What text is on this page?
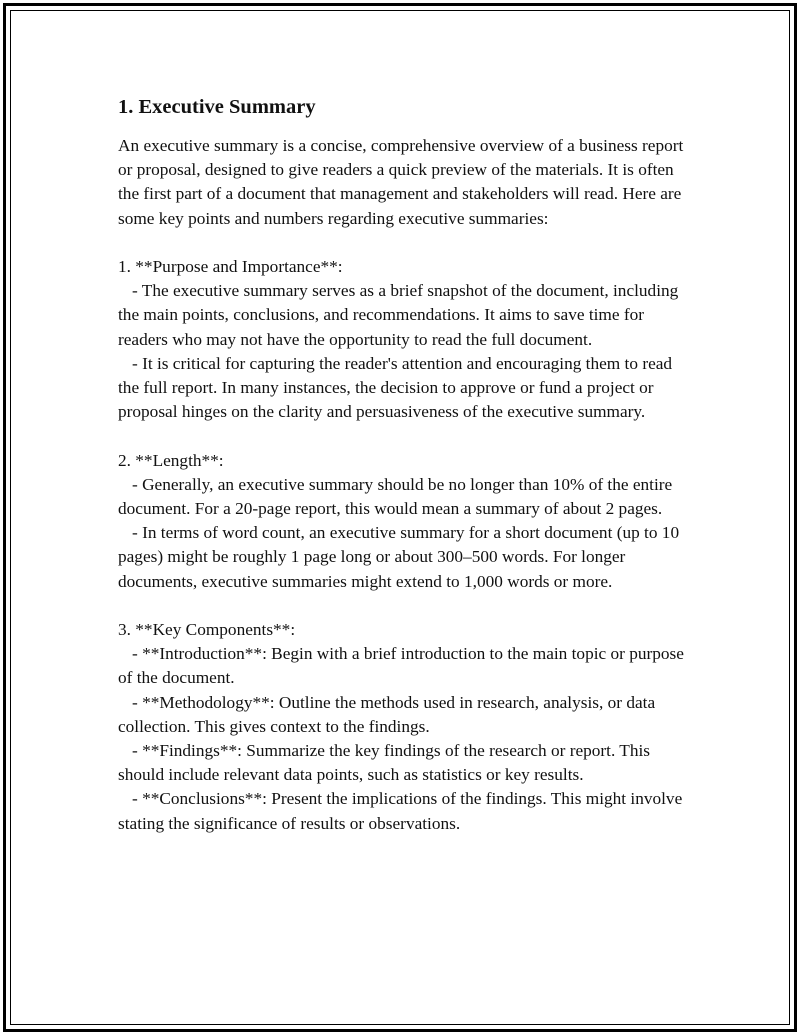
1. Executive Summary

An executive summary is a concise, comprehensive overview of a business report or proposal, designed to give readers a quick preview of the materials. It is often the first part of a document that management and stakeholders will read. Here are some key points and numbers regarding executive summaries:

1. **Purpose and Importance**:

- The executive summary serves as a brief snapshot of the document, including the main points, conclusions, and recommendations. It aims to save time for readers who may not have the opportunity to read the full document.

- It is critical for capturing the reader's attention and encouraging them to read the full report. In many instances, the decision to approve or fund a project or proposal hinges on the clarity and persuasiveness of the executive summary.

2. **Length**:

- Generally, an executive summary should be no longer than 10% of the entire document. For a 20-page report, this would mean a summary of about 2 pages.

- In terms of word count, an executive summary for a short document (up to 10 pages) might be roughly 1 page long or about 300–500 words. For longer documents, executive summaries might extend to 1,000 words or more.

3. **Key Components**:

- **Introduction**: Begin with a brief introduction to the main topic or purpose of the document.

- **Methodology**: Outline the methods used in research, analysis, or data collection. This gives context to the findings.

- **Findings**: Summarize the key findings of the research or report. This should include relevant data points, such as statistics or key results.

- **Conclusions**: Present the implications of the findings. This might involve stating the significance of results or observations.
